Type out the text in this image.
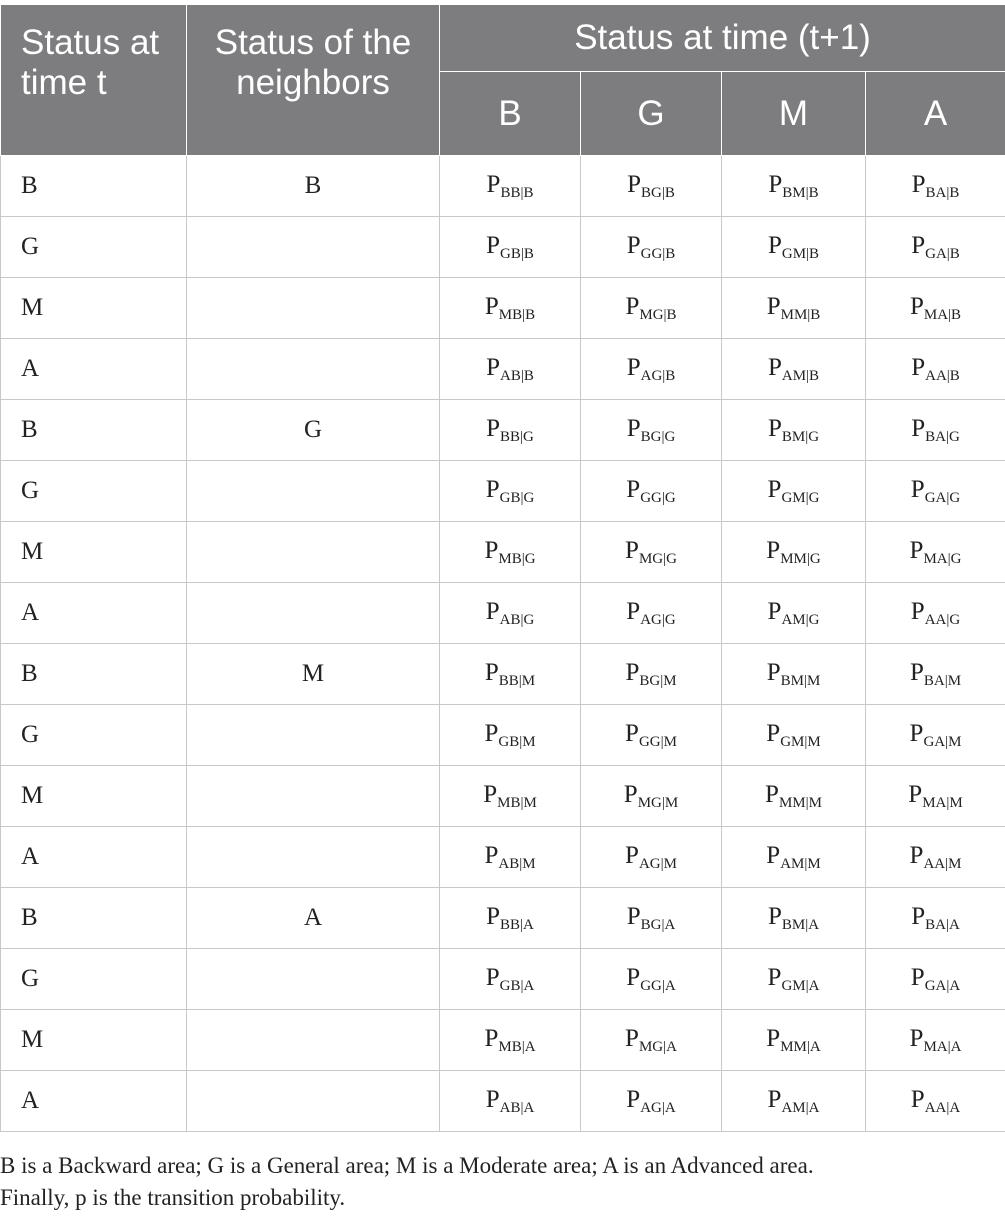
Status at time t	Status of the neighbors	Status at time (t+1)			
		B	G	M	A
B	B	$P_{BB|B}$	$P_{BG|B}$	$P_{BM|B}$	$P_{BA|B}$
G		$P_{GB|B}$	$P_{GG|B}$	$P_{GM|B}$	$P_{GA|B}$
M		$P_{MB|B}$	$P_{MG|B}$	$P_{MM|B}$	$P_{MA|B}$
A		$P_{AB|B}$	$P_{AG|B}$	$P_{AM|B}$	$P_{AA|B}$
B	G	$P_{BB|G}$	$P_{BG|G}$	$P_{BM|G}$	$P_{BA|G}$
G		$P_{GB|G}$	$P_{GG|G}$	$P_{GM|G}$	$P_{GA|G}$
M		$P_{MB|G}$	$P_{MG|G}$	$P_{MM|G}$	$P_{MA|G}$
A		$P_{AB|G}$	$P_{AG|G}$	$P_{AM|G}$	$P_{AA|G}$
B	M	$P_{BB|M}$	$P_{BG|M}$	$P_{BM|M}$	$P_{BA|M}$
G		$P_{GB|M}$	$P_{GG|M}$	$P_{GM|M}$	$P_{GA|M}$
M		$P_{MB|M}$	$P_{MG|M}$	$P_{MM|M}$	$P_{MA|M}$
A		$P_{AB|M}$	$P_{AG|M}$	$P_{AM|M}$	$P_{AA|M}$
B	A	$P_{BB|A}$	$P_{BG|A}$	$P_{BM|A}$	$P_{BA|A}$
G		$P_{GB|A}$	$P_{GG|A}$	$P_{GM|A}$	$P_{GA|A}$
M		$P_{MB|A}$	$P_{MG|A}$	$P_{MM|A}$	$P_{MA|A}$
A		$P_{AB|A}$	$P_{AG|A}$	$P_{AM|A}$	$P_{AA|A}$

B is a Backward area; G is a General area; M is a Moderate area; A is an Advanced area.
Finally, p is the transition probability.
